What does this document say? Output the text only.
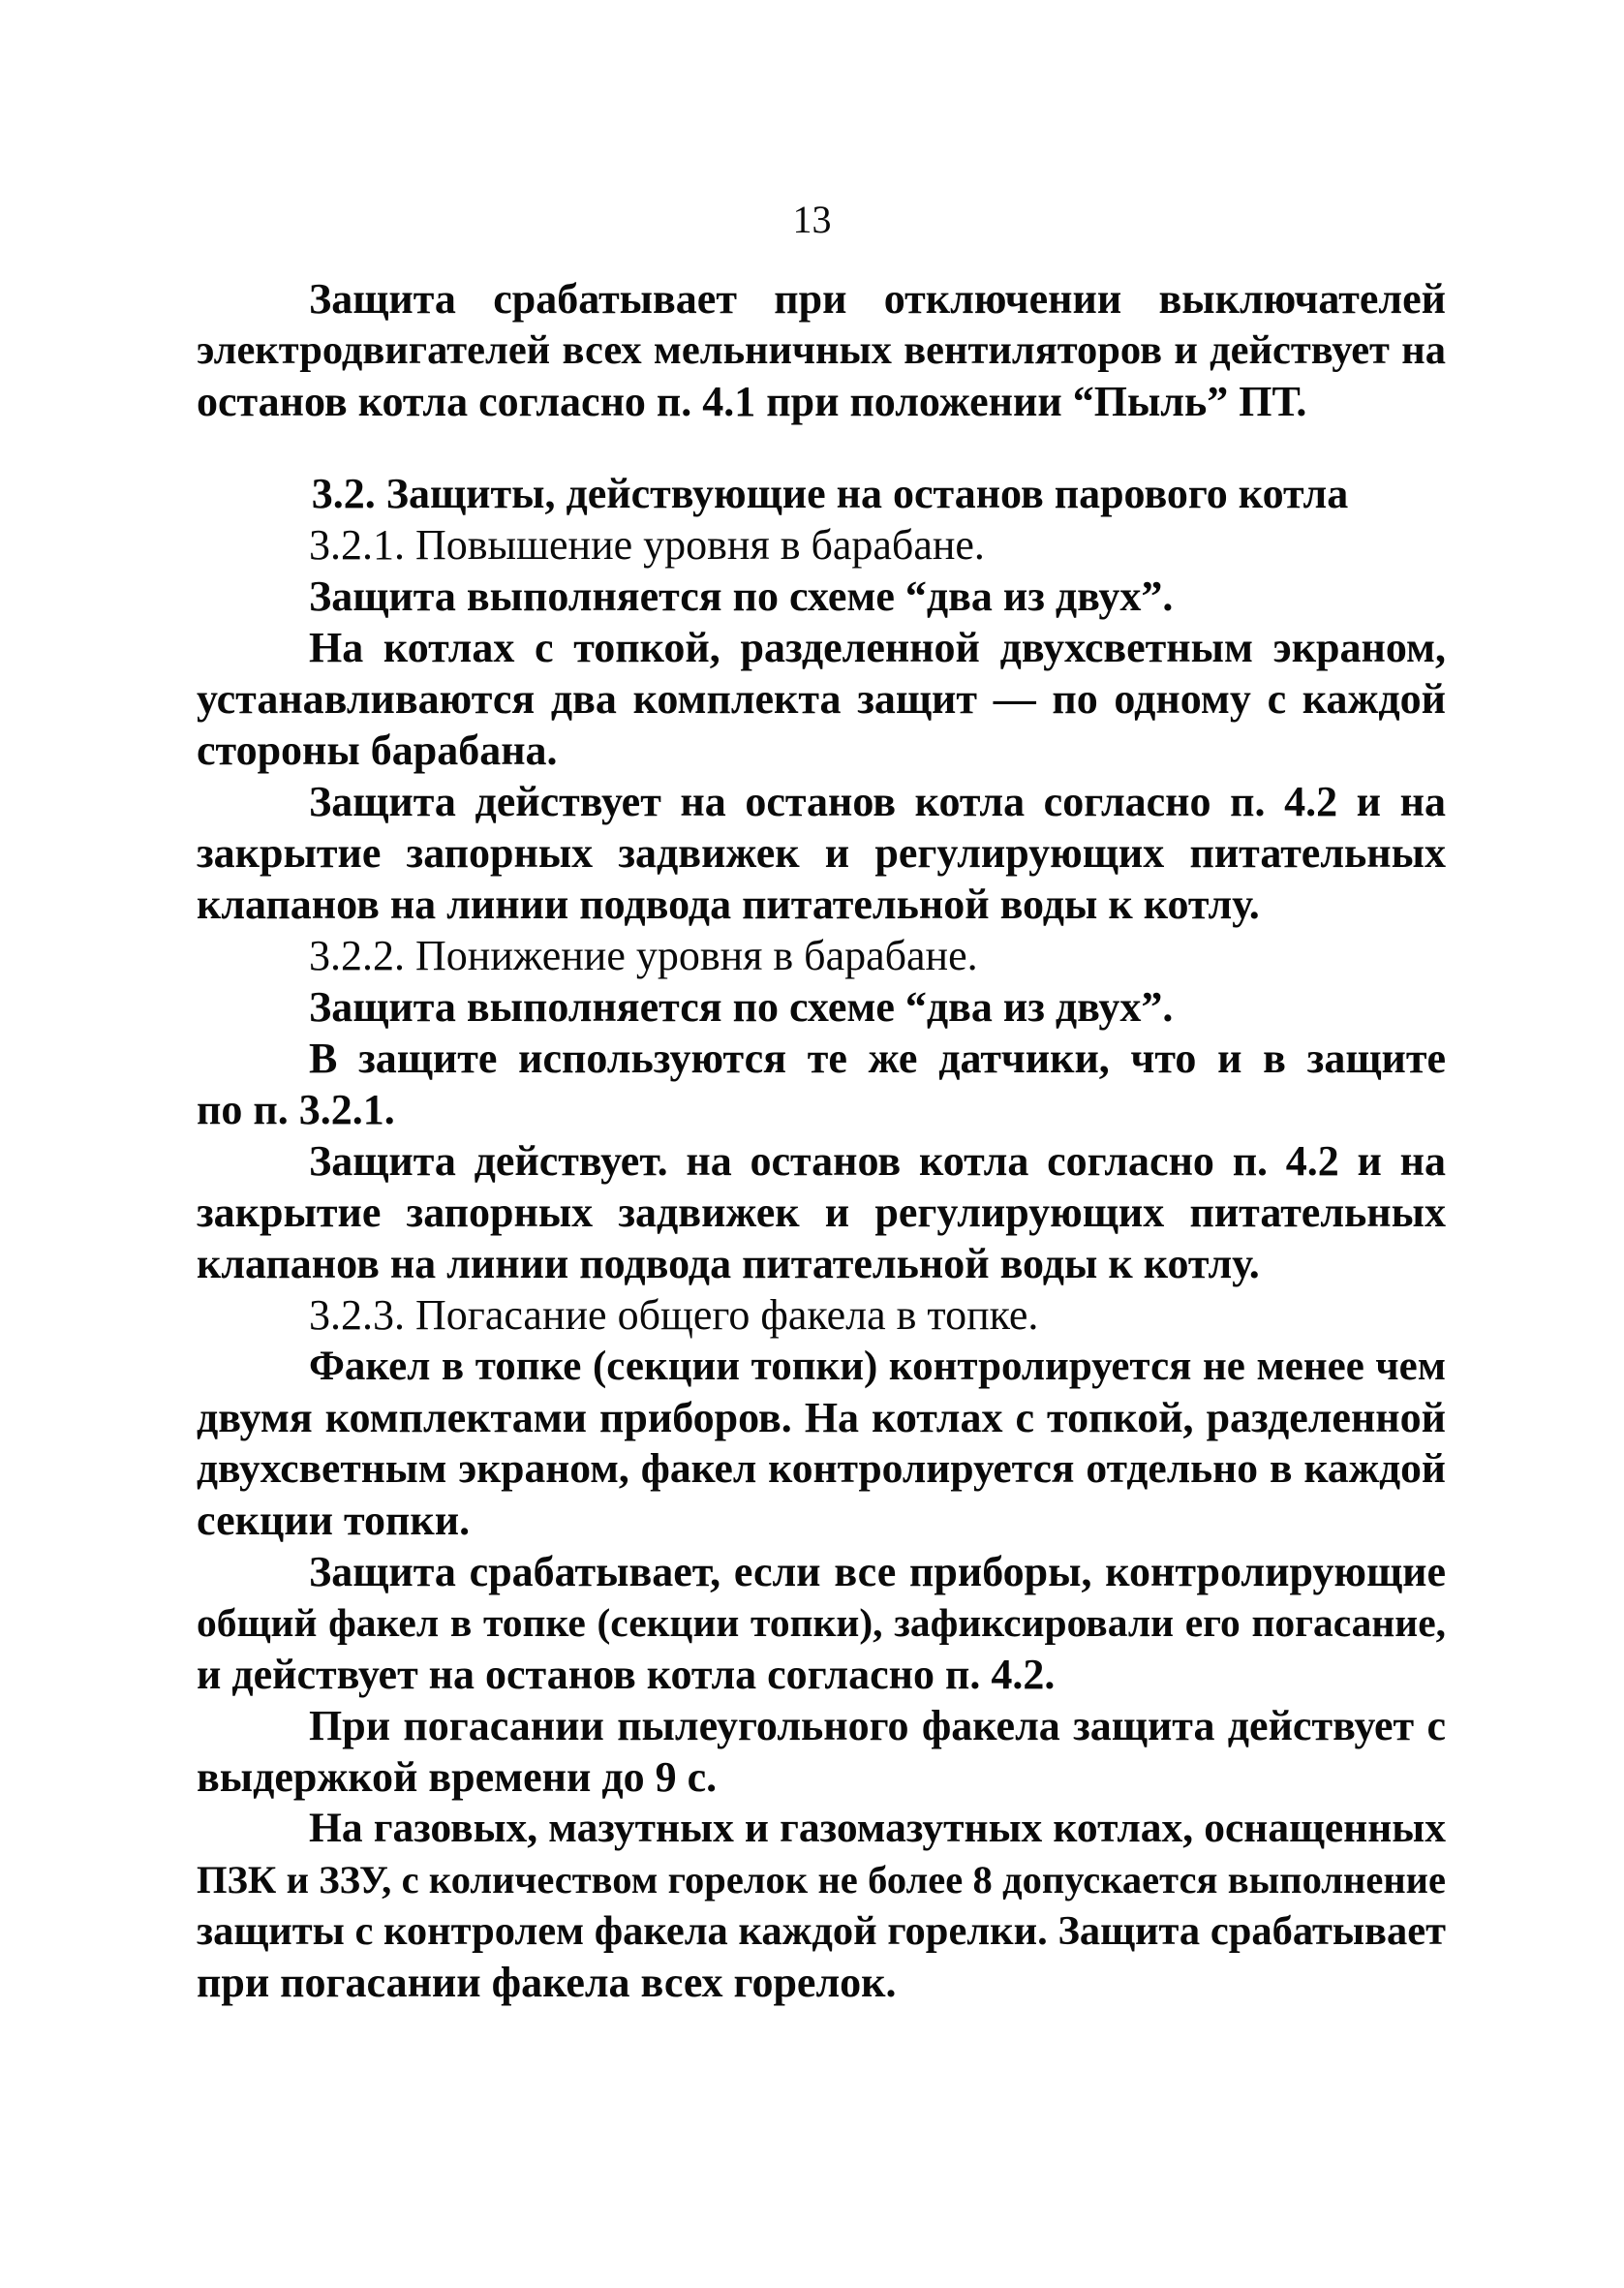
13
Защита срабатывает при отключении выключателей
электродвигателей всех мельничных вентиляторов и действует на
останов котла согласно п. 4.1 при положении “Пыль” ПТ.
3.2. Защиты, действующие на останов парового котла
3.2.1. Повышение уровня в барабане.
Защита выполняется по схеме “два из двух”.
На котлах с топкой, разделенной двухсветным экраном,
устанавливаются два комплекта защит — по одному с каждой
стороны барабана.
Защита действует на останов котла согласно п. 4.2 и на
закрытие запорных задвижек и регулирующих питательных
клапанов на линии подвода питательной воды к котлу.
3.2.2. Понижение уровня в барабане.
Защита выполняется по схеме “два из двух”.
В защите используются те же датчики, что и в защите
по п. 3.2.1.
Защита действует. на останов котла согласно п. 4.2 и на
закрытие запорных задвижек и регулирующих питательных
клапанов на линии подвода питательной воды к котлу.
3.2.3. Погасание общего факела в топке.
Факел в топке (секции топки) контролируется не менее чем
двумя комплектами приборов. На котлах с топкой, разделенной
двухсветным экраном, факел контролируется отдельно в каждой
секции топки.
Защита срабатывает, если все приборы, контролирующие
общий факел в топке (секции топки), зафиксировали его погасание,
и действует на останов котла согласно п. 4.2.
При погасании пылеугольного факела защита действует с
выдержкой времени до 9 с.
На газовых, мазутных и газомазутных котлах, оснащенных
ПЗК и ЗЗУ, с количеством горелок не более 8 допускается выполнение
защиты с контролем факела каждой горелки. Защита срабатывает
при погасании факела всех горелок.
